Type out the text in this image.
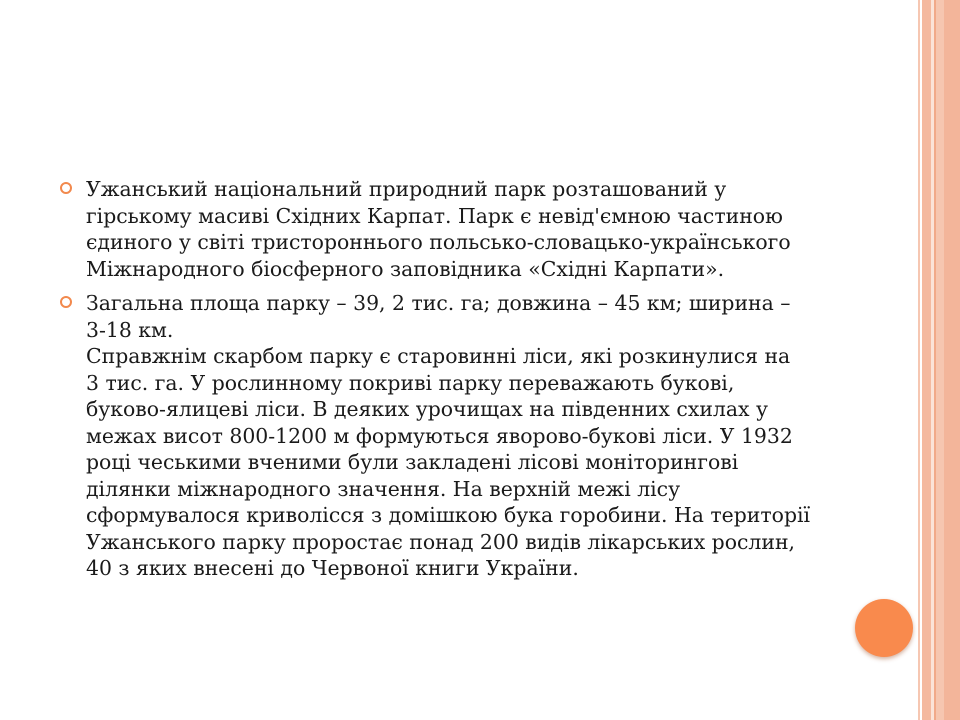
Ужанський національний природний парк розташований у
гірському масиві Східних Карпат. Парк є невід'ємною частиною
єдиного у світі тристороннього польсько-словацько-українського
Міжнародного біосферного заповідника «Східні Карпати».
Загальна площа парку – 39, 2 тис. га; довжина – 45 км; ширина –
3-18 км.
Справжнім скарбом парку є старовинні ліси, які розкинулися на
3 тис. га. У рослинному покриві парку переважають букові,
буково-ялицеві ліси. В деяких урочищах на південних схилах у
межах висот 800-1200 м формуються яворово-букові ліси. У 1932
році чеськими вченими були закладені лісові моніторингові
ділянки міжнародного значення. На верхній межі лісу
сформувалося криволісся з домішкою бука горобини. На території
Ужанського парку проростає понад 200 видів лікарських рослин,
40 з яких внесені до Червоної книги України.
